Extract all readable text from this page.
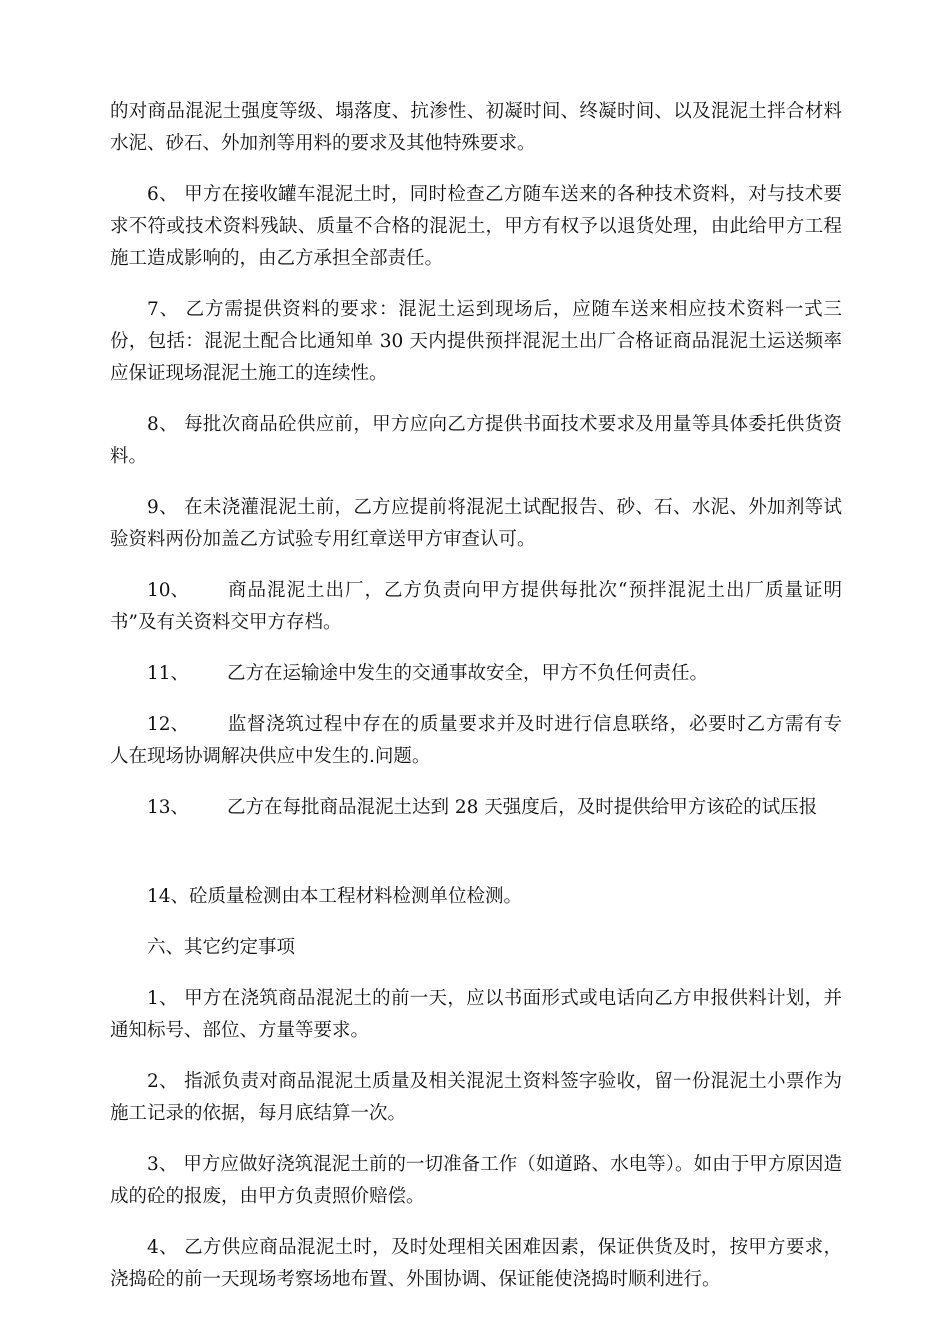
的对商品混泥土强度等级、塌落度、抗渗性、初凝时间、终凝时间、以及混泥土拌合材料水泥、砂石、外加剂等用料的要求及其他特殊要求。

6、 甲方在接收罐车混泥土时，同时检查乙方随车送来的各种技术资料，对与技术要求不符或技术资料残缺、质量不合格的混泥土，甲方有权予以退货处理，由此给甲方工程施工造成影响的，由乙方承担全部责任。

7、 乙方需提供资料的要求：混泥土运到现场后，应随车送来相应技术资料一式三份，包括：混泥土配合比通知单 30 天内提供预拌混泥土出厂合格证商品混泥土运送频率应保证现场混泥土施工的连续性。

8、 每批次商品砼供应前，甲方应向乙方提供书面技术要求及用量等具体委托供货资料。

9、 在未浇灌混泥土前，乙方应提前将混泥土试配报告、砂、石、水泥、外加剂等试验资料两份加盖乙方试验专用红章送甲方审查认可。

10、 商品混泥土出厂，乙方负责向甲方提供每批次“预拌混泥土出厂质量证明 书”及有关资料交甲方存档。

11、 乙方在运输途中发生的交通事故安全，甲方不负任何责任。

12、 监督浇筑过程中存在的质量要求并及时进行信息联络，必要时乙方需有专 人在现场协调解决供应中发生的.问题。

13、 乙方在每批商品混泥土达到 28 天强度后，及时提供给甲方该砼的试压报

14、砼质量检测由本工程材料检测单位检测。

六、其它约定事项

1、 甲方在浇筑商品混泥土的前一天，应以书面形式或电话向乙方申报供料计划，并通知标号、部位、方量等要求。

2、 指派负责对商品混泥土质量及相关混泥土资料签字验收，留一份混泥土小票作为施工记录的依据，每月底结算一次。

3、 甲方应做好浇筑混泥土前的一切准备工作（如道路、水电等）。如由于甲方原因造成的砼的报废，由甲方负责照价赔偿。

4、 乙方供应商品混泥土时，及时处理相关困难因素，保证供货及时，按甲方要求，浇捣砼的前一天现场考察场地布置、外围协调、保证能使浇捣时顺利进行。
